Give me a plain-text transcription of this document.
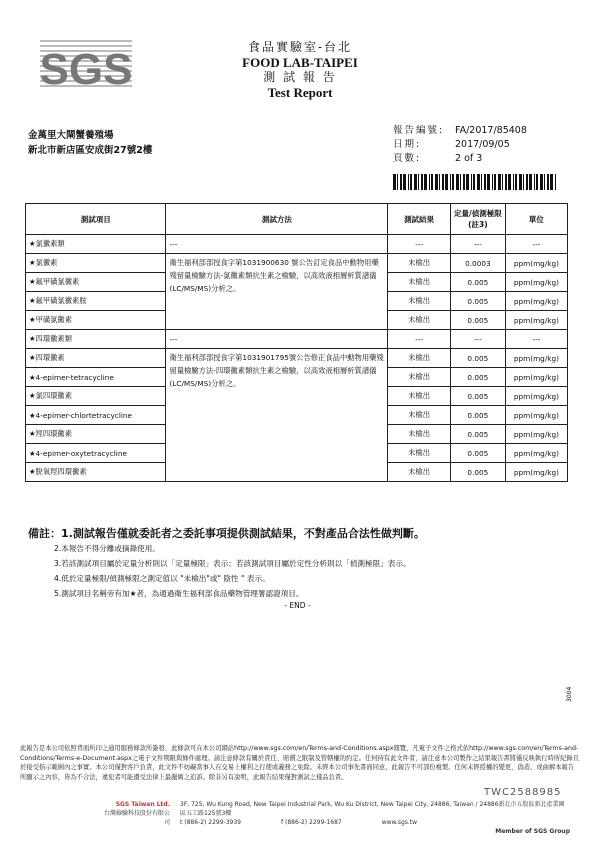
SGS	食品實驗室-台北
FOOD LAB-TAIPEI
測 試 報 告
Test Report
金萬里大閘蟹養殖場
新北市新店區安成街27號2樓
報告編號:	FA/2017/85408
日期:	2017/09/05
頁數:	2 of 3
測試項目	測試方法	測試結果	定量/偵測極限(註3)	單位
★氯黴素類	---	---	---	---
★氯黴素	衛生福利部部授食字第1031900630 號公告訂定食品中動物用藥殘留量檢驗方法-氯黴素類抗生素之檢驗，以高效液相層析質譜儀(LC/MS/MS)分析之。	未檢出	0.0003	ppm(mg/kg)
★氟甲磺氯黴素		未檢出	0.005	ppm(mg/kg)
★氟甲磺氯黴素胺		未檢出	0.005	ppm(mg/kg)
★甲磺氯黴素		未檢出	0.005	ppm(mg/kg)
★四環黴素類	---	---	---	---
★四環黴素	衛生福利部部授食字第1031901795號公告修正食品中動物用藥殘留量檢驗方法-四環黴素類抗生素之檢驗，以高效液相層析質譜儀(LC/MS/MS)分析之。	未檢出	0.005	ppm(mg/kg)
★4-epimer-tetracycline		未檢出	0.005	ppm(mg/kg)
★氯四環黴素		未檢出	0.005	ppm(mg/kg)
★4-epimer-chlortetracycline		未檢出	0.005	ppm(mg/kg)
★羥四環黴素		未檢出	0.005	ppm(mg/kg)
★4-epimer-oxytetracycline		未檢出	0.005	ppm(mg/kg)
★脫氧羥四環黴素		未檢出	0.005	ppm(mg/kg)
備註：1.測試報告僅就委託者之委託事項提供測試結果，不對產品合法性做判斷。
2.本報告不得分離或摘錄使用。
3.若該測試項目屬於定量分析則以「定量極限」表示；若該測試項目屬於定性分析則以「偵測極限」表示。
4.低於定量極限/偵測極限之測定值以 "未檢出"或" 陰性 " 表示。
5.測試項目名稱旁有加★者，為通過衛生福利部食品藥物管理署認證項目。
- END -
3004
此報告是本公司依照背面所印之通用服務條款所簽發，此條款可在本公司網站http://www.sgs.com/en/Terms-and-Conditions.aspx閱覽，凡電子文件之格式依http://www.sgs.com/en/Terms-and-Conditions/Terms-e-Document.aspx之電子文件期限與條件處理。請注意條款有關於責任、賠償之限制及管轄權的約定。任何持有此文件者，請注意本公司製作之結果報告書將僅反映執行時所紀錄且於接受指示範圍內之事實。本公司僅對客戶負責，此文件不妨礙當事人在交易上權利之行使或義務之免除。未經本公司事先書面同意，此報告不可部份複製。任何未經授權的變更、偽造、或曲解本報告所顯示之內容，皆為不合法，違犯者可能遭受法律上最嚴厲之追訴。除非另有說明，此報告結果僅對測試之樣品負責。
TWC2588985
SGS Taiwan Ltd.
台灣檢驗科技股份有限公司
3F, 725, Wu Kung Road, New Taipei Industrial Park, Wu Ku District, New Taipei City, 24886, Taiwan / 24886新北市五股區新北產業園區五工路125號3樓
t (886-2) 2299-3939	f (886-2) 2299-1687	www.sgs.tw
Member of SGS Group
